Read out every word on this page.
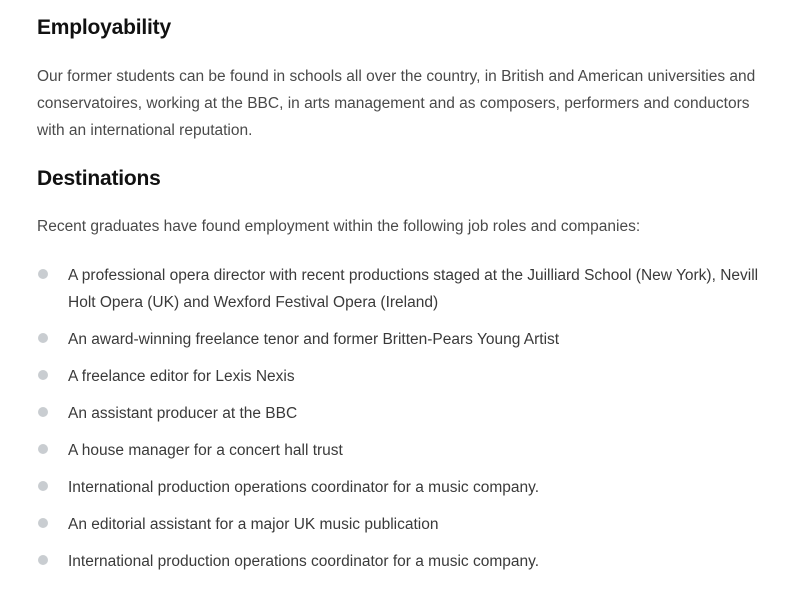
Employability

Our former students can be found in schools all over the country, in British and American universities and conservatoires, working at the BBC, in arts management and as composers, performers and conductors with an international reputation.

Destinations

Recent graduates have found employment within the following job roles and companies:

A professional opera director with recent productions staged at the Juilliard School (New York), Nevill Holt Opera (UK) and Wexford Festival Opera (Ireland)
An award-winning freelance tenor and former Britten-Pears Young Artist
A freelance editor for Lexis Nexis
An assistant producer at the BBC
A house manager for a concert hall trust
International production operations coordinator for a music company.
An editorial assistant for a major UK music publication
International production operations coordinator for a music company.
